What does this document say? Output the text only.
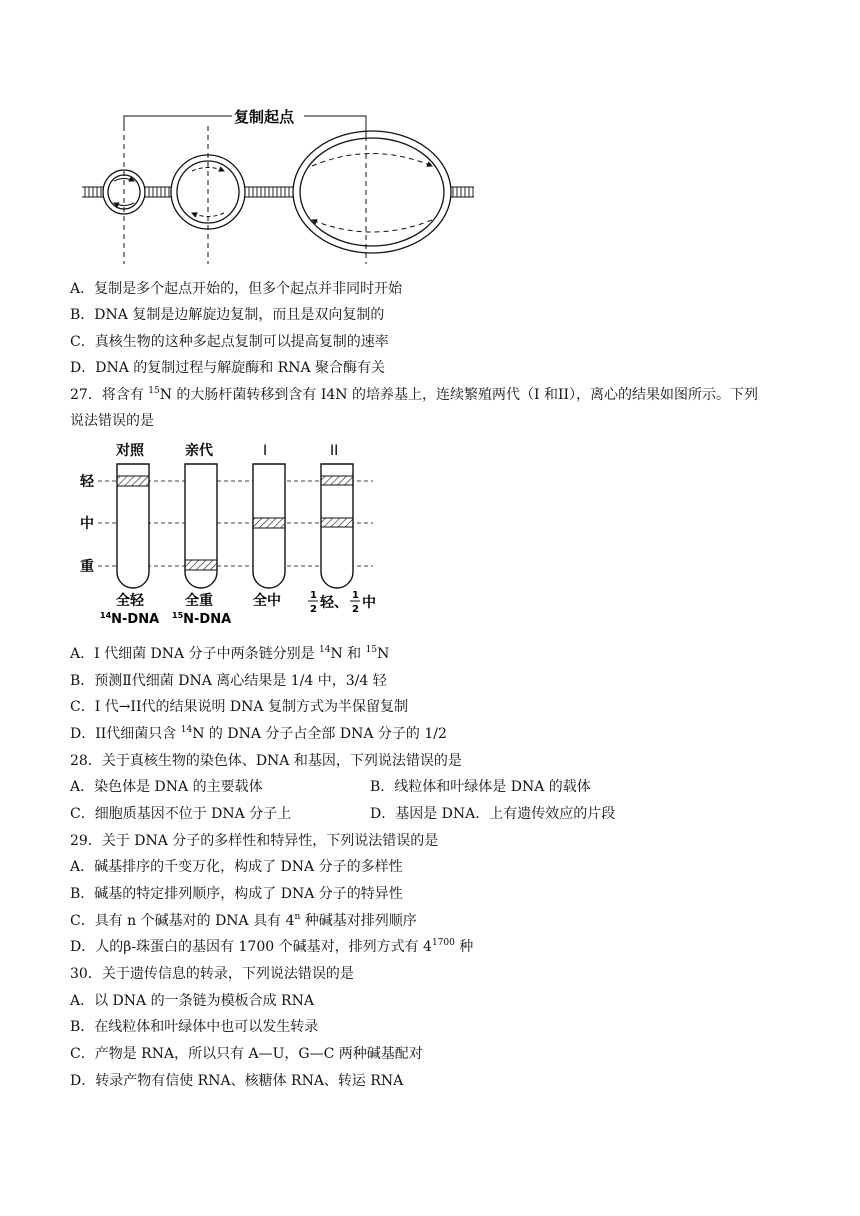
复制起点
A．复制是多个起点开始的，但多个起点并非同时开始
B．DNA 复制是边解旋边复制，而且是双向复制的
C．真核生物的这种多起点复制可以提高复制的速率
D．DNA 的复制过程与解旋酶和 RNA 聚合酶有关
27．将含有 $^{15}$N 的大肠杆菌转移到含有 I4N 的培养基上，连续繁殖两代（I 和II），离心的结果如图所示。下列
说法错误的是
对照	亲代	I	II
轻
中
重
全轻	全重	全中	1
2 轻、 1
2 中
$^{14}$N-DNA $^{15}$N-DNA
A．I 代细菌 DNA 分子中两条链分别是 $^{14}$N 和 $^{15}$N
B．预测Ⅱ代细菌 DNA 离心结果是 1/4 中，3/4 轻
C．I 代→II代的结果说明 DNA 复制方式为半保留复制
D．II代细菌只含 $^{14}$N 的 DNA 分子占全部 DNA 分子的 1/2
28．关于真核生物的染色体、DNA 和基因，下列说法错误的是
A．染色体是 DNA 的主要载体	B．线粒体和叶绿体是 DNA 的载体
C．细胞质基因不位于 DNA 分子上	D．基因是 DNA．上有遗传效应的片段
29．关于 DNA 分子的多样性和特异性，下列说法错误的是
A．碱基排序的千变万化，构成了 DNA 分子的多样性
B．碱基的特定排列顺序，构成了 DNA 分子的特异性
C．具有 n 个碱基对的 DNA 具有 4$^n$ 种碱基对排列顺序
D．人的β-珠蛋白的基因有 1700 个碱基对，排列方式有 $4^{1700}$ 种
30．关于遗传信息的转录，下列说法错误的是
A．以 DNA 的一条链为模板合成 RNA
B．在线粒体和叶绿体中也可以发生转录
C．产物是 RNA，所以只有 A—U，G—C 两种碱基配对
D．转录产物有信使 RNA、核糖体 RNA、转运 RNA
